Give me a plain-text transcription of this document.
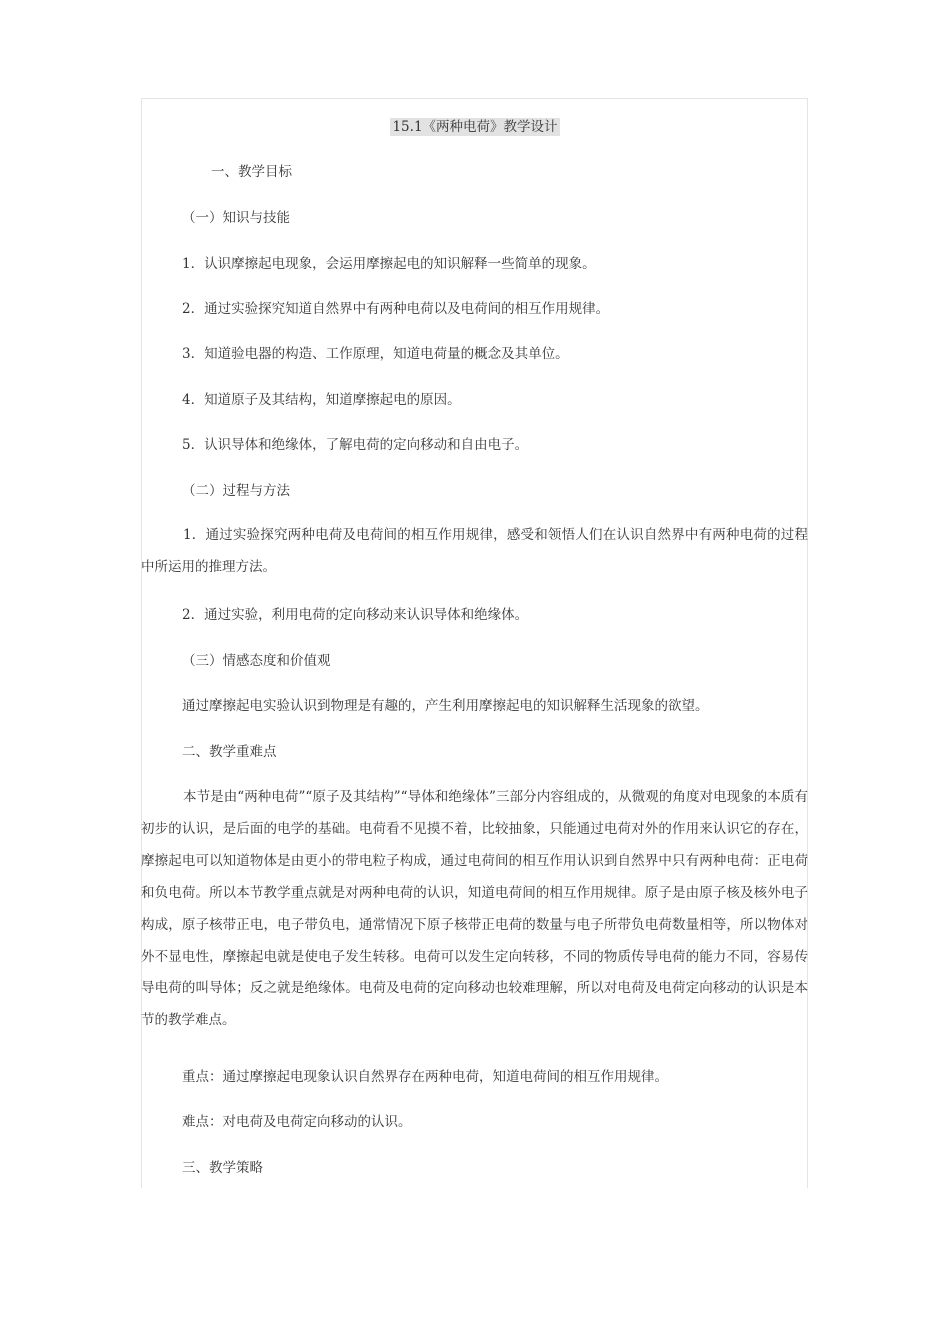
15.1《两种电荷》教学设计
一、教学目标
（一）知识与技能
1．认识摩擦起电现象，会运用摩擦起电的知识解释一些简单的现象。
2．通过实验探究知道自然界中有两种电荷以及电荷间的相互作用规律。
3．知道验电器的构造、工作原理，知道电荷量的概念及其单位。
4．知道原子及其结构，知道摩擦起电的原因。
5．认识导体和绝缘体，了解电荷的定向移动和自由电子。
（二）过程与方法

1．通过实验探究两种电荷及电荷间的相互作用规律，感受和领悟人们在认识自然界中有两种电荷的过程中所运用的推理方法。

2．通过实验，利用电荷的定向移动来认识导体和绝缘体。
（三）情感态度和价值观
通过摩擦起电实验认识到物理是有趣的，产生利用摩擦起电的知识解释生活现象的欲望。
二、教学重难点

本节是由“两种电荷”“原子及其结构”“导体和绝缘体”三部分内容组成的，从微观的角度对电现象的本质有初步的认识，是后面的电学的基础。电荷看不见摸不着，比较抽象，只能通过电荷对外的作用来认识它的存在，摩擦起电可以知道物体是由更小的带电粒子构成，通过电荷间的相互作用认识到自然界中只有两种电荷：正电荷和负电荷。所以本节教学重点就是对两种电荷的认识，知道电荷间的相互作用规律。原子是由原子核及核外电子构成，原子核带正电，电子带负电，通常情况下原子核带正电荷的数量与电子所带负电荷数量相等，所以物体对外不显电性，摩擦起电就是使电子发生转移。电荷可以发生定向转移，不同的物质传导电荷的能力不同，容易传导电荷的叫导体；反之就是绝缘体。电荷及电荷的定向移动也较难理解，所以对电荷及电荷定向移动的认识是本节的教学难点。

重点：通过摩擦起电现象认识自然界存在两种电荷，知道电荷间的相互作用规律。
难点：对电荷及电荷定向移动的认识。
三、教学策略
